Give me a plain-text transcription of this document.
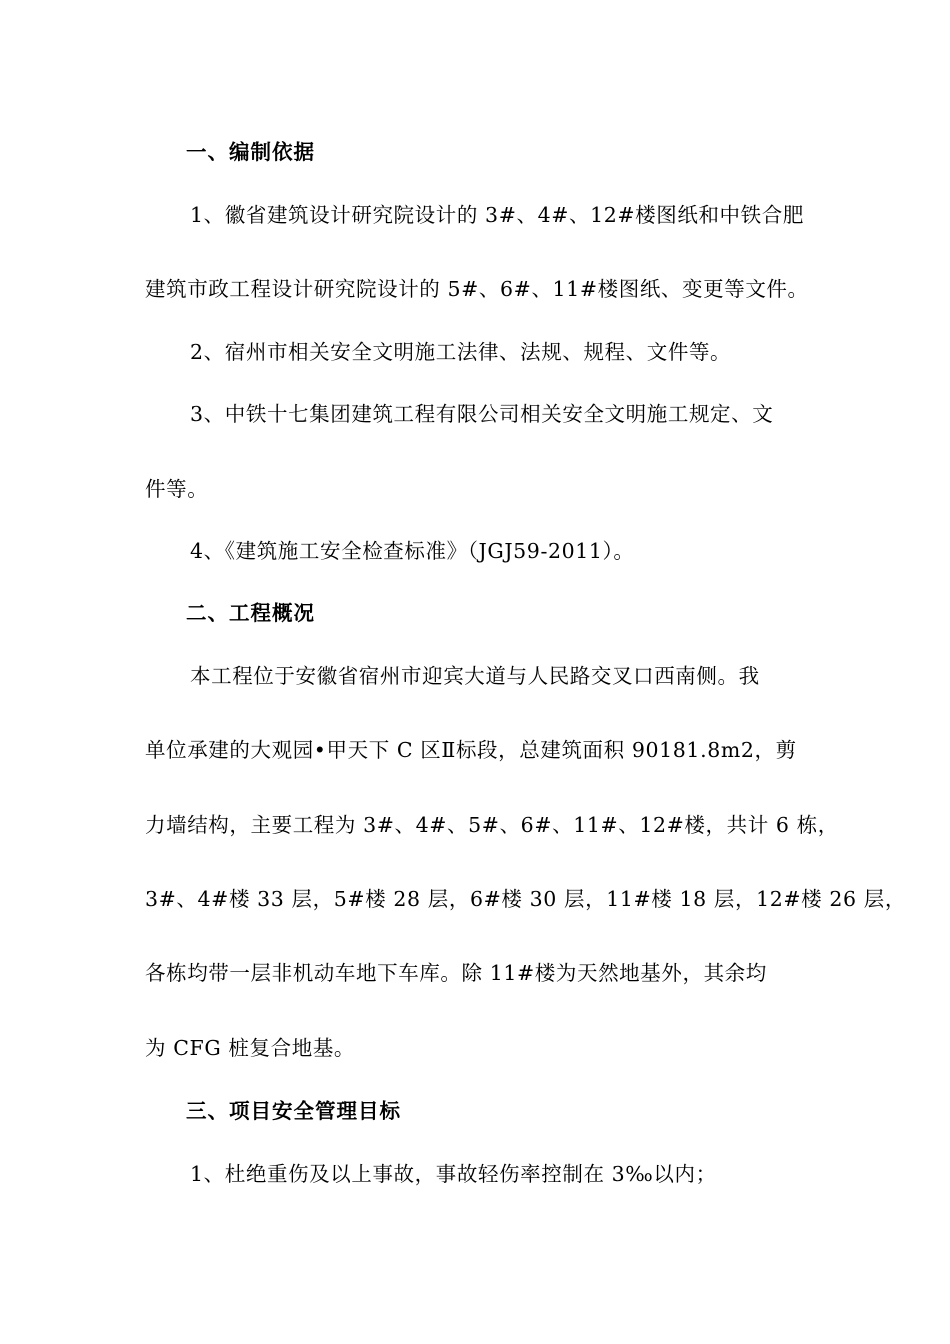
一、编制依据
1、徽省建筑设计研究院设计的 3#、4#、12#楼图纸和中铁合肥
建筑市政工程设计研究院设计的 5#、6#、11#楼图纸、变更等文件。
2、宿州市相关安全文明施工法律、法规、规程、文件等。
3、中铁十七集团建筑工程有限公司相关安全文明施工规定、文
件等。
4、《建筑施工安全检查标准》（JGJ59-2011）。
二、工程概况
本工程位于安徽省宿州市迎宾大道与人民路交叉口西南侧。我
单位承建的大观园•甲天下 C 区Ⅱ标段，总建筑面积 90181.8m2，剪
力墙结构，主要工程为 3#、4#、5#、6#、11#、12#楼，共计 6 栋，
3#、4#楼 33 层，5#楼 28 层，6#楼 30 层，11#楼 18 层，12#楼 26 层，
各栋均带一层非机动车地下车库。除 11#楼为天然地基外，其余均
为 CFG 桩复合地基。
三、项目安全管理目标
1、杜绝重伤及以上事故，事故轻伤率控制在 3‰以内；
